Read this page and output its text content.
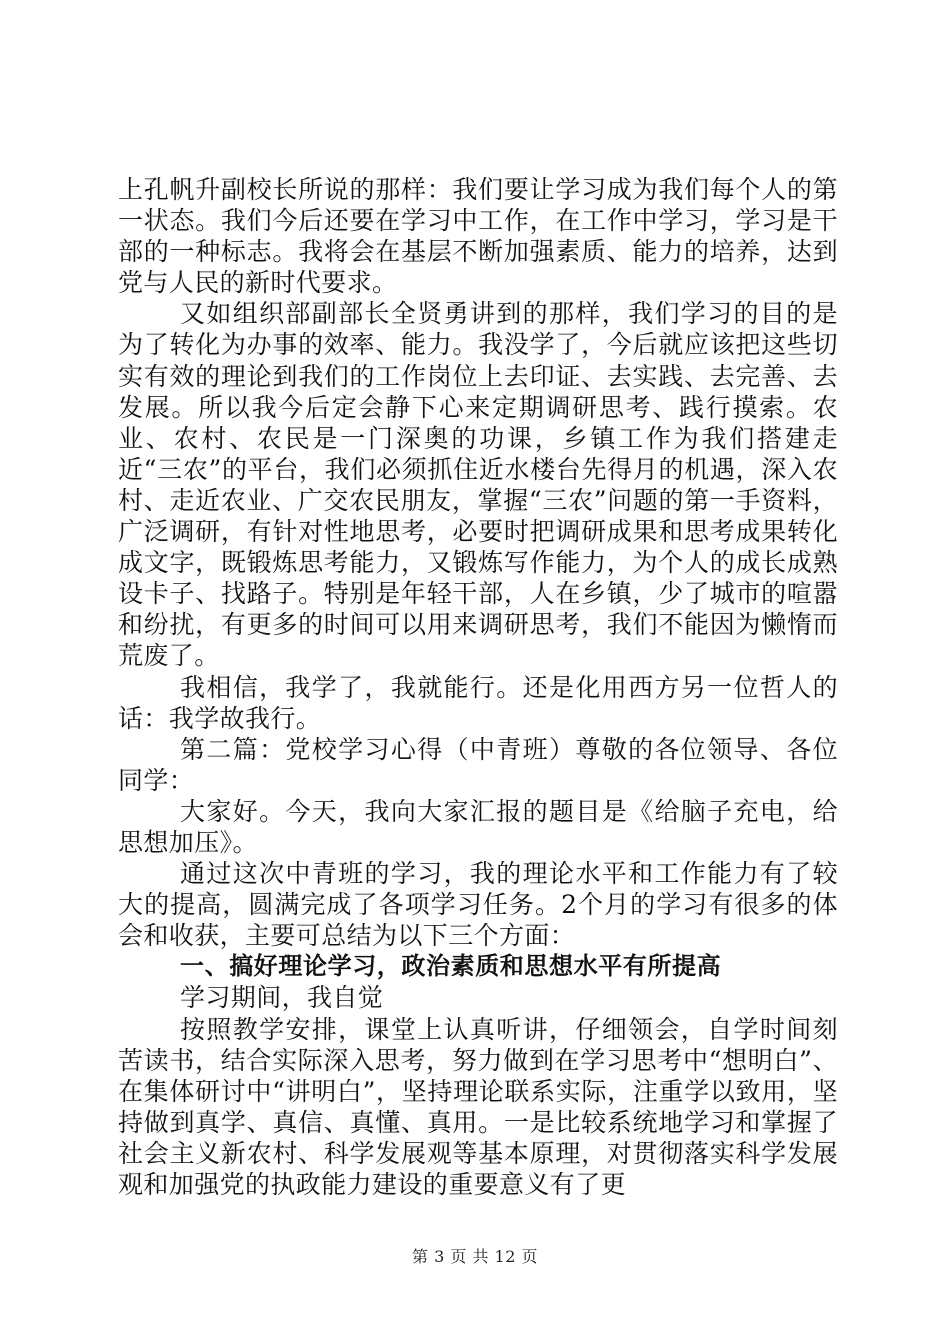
上孔帆升副校长所说的那样：我们要让学习成为我们每个人的第一状态。我们今后还要在学习中工作，在工作中学习，学习是干部的一种标志。我将会在基层不断加强素质、能力的培养，达到党与人民的新时代要求。

又如组织部副部长全贤勇讲到的那样，我们学习的目的是为了转化为办事的效率、能力。我没学了，今后就应该把这些切实有效的理论到我们的工作岗位上去印证、去实践、去完善、去发展。所以我今后定会静下心来定期调研思考、践行摸索。农业、农村、农民是一门深奥的功课，乡镇工作为我们搭建走近“三农”的平台，我们必须抓住近水楼台先得月的机遇，深入农村、走近农业、广交农民朋友，掌握“三农”问题的第一手资料，广泛调研，有针对性地思考，必要时把调研成果和思考成果转化成文字，既锻炼思考能力，又锻炼写作能力，为个人的成长成熟设卡子、找路子。特别是年轻干部，人在乡镇，少了城市的喧嚣和纷扰，有更多的时间可以用来调研思考，我们不能因为懒惰而荒废了。

我相信，我学了，我就能行。还是化用西方另一位哲人的话：我学故我行。

第二篇：党校学习心得（中青班）尊敬的各位领导、各位同学：

大家好。今天，我向大家汇报的题目是《给脑子充电，给思想加压》。

通过这次中青班的学习，我的理论水平和工作能力有了较大的提高，圆满完成了各项学习任务。2个月的学习有很多的体会和收获，主要可总结为以下三个方面：

一、搞好理论学习，政治素质和思想水平有所提高

学习期间，我自觉

按照教学安排，课堂上认真听讲，仔细领会，自学时间刻苦读书，结合实际深入思考，努力做到在学习思考中“想明白”、在集体研讨中“讲明白”，坚持理论联系实际，注重学以致用，坚持做到真学、真信、真懂、真用。一是比较系统地学习和掌握了社会主义新农村、科学发展观等基本原理，对贯彻落实科学发展观和加强党的执政能力建设的重要意义有了更

第 3 页 共 12 页
